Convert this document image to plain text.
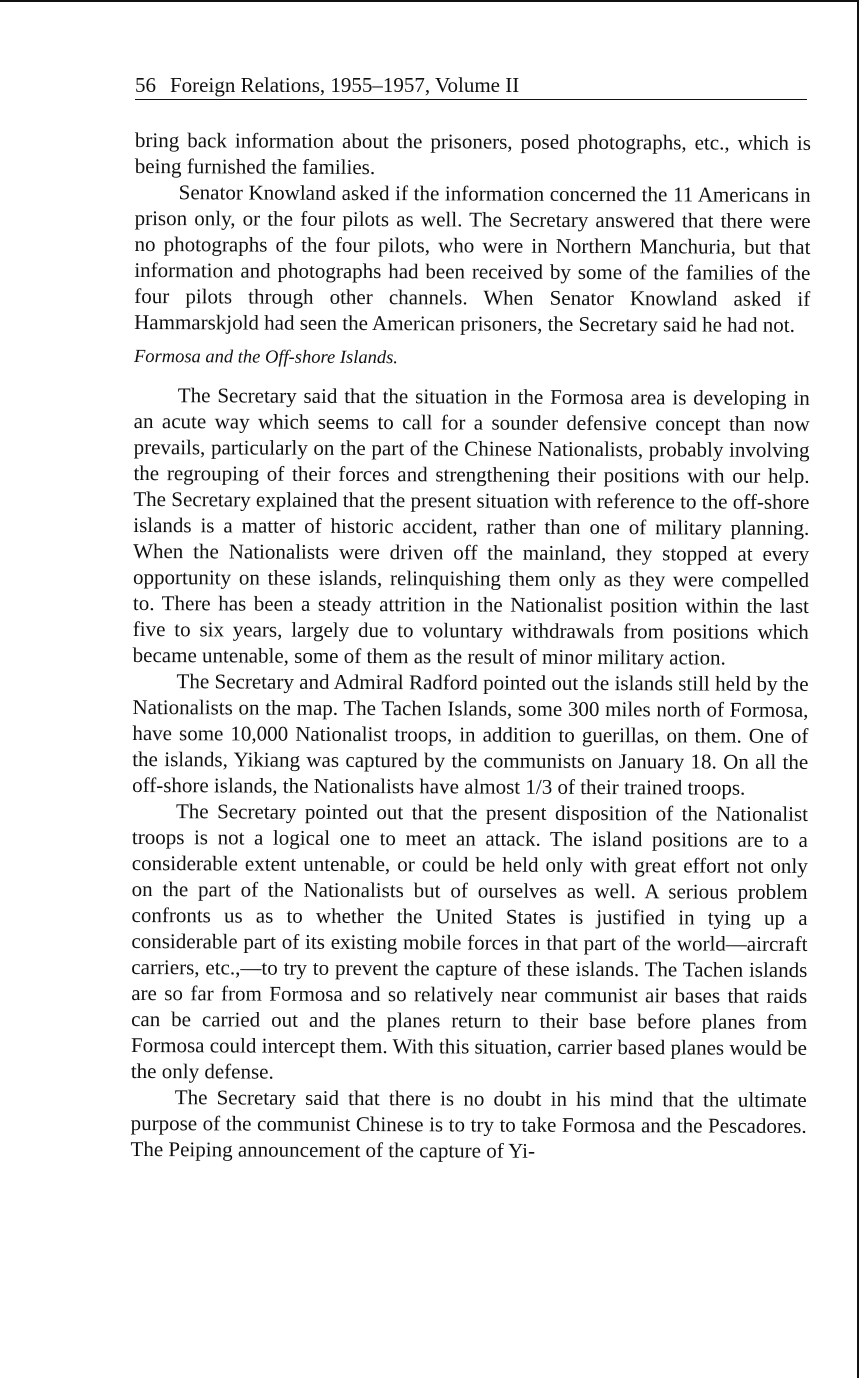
56 Foreign Relations, 1955–1957, Volume II

bring back information about the prisoners, posed photographs, etc., which is being furnished the families.

Senator Knowland asked if the information concerned the 11 Americans in prison only, or the four pilots as well. The Secretary answered that there were no photographs of the four pilots, who were in Northern Manchuria, but that information and photographs had been received by some of the families of the four pilots through other channels. When Senator Knowland asked if Hammarskjold had seen the American prisoners, the Secretary said he had not.

Formosa and the Off-shore Islands.

The Secretary said that the situation in the Formosa area is developing in an acute way which seems to call for a sounder defensive concept than now prevails, particularly on the part of the Chinese Nationalists, probably involving the regrouping of their forces and strengthening their positions with our help. The Secretary explained that the present situation with reference to the off-shore islands is a matter of historic accident, rather than one of military planning. When the Nationalists were driven off the mainland, they stopped at every opportunity on these islands, relinquishing them only as they were compelled to. There has been a steady attrition in the Nationalist position within the last five to six years, largely due to voluntary withdrawals from positions which became untenable, some of them as the result of minor military action.

The Secretary and Admiral Radford pointed out the islands still held by the Nationalists on the map. The Tachen Islands, some 300 miles north of Formosa, have some 10,000 Nationalist troops, in addition to guerillas, on them. One of the islands, Yikiang was captured by the communists on January 18. On all the off-shore islands, the Nationalists have almost 1/3 of their trained troops.

The Secretary pointed out that the present disposition of the Nationalist troops is not a logical one to meet an attack. The island positions are to a considerable extent untenable, or could be held only with great effort not only on the part of the Nationalists but of ourselves as well. A serious problem confronts us as to whether the United States is justified in tying up a considerable part of its existing mobile forces in that part of the world—aircraft carriers, etc.,—to try to prevent the capture of these islands. The Tachen islands are so far from Formosa and so relatively near communist air bases that raids can be carried out and the planes return to their base before planes from Formosa could intercept them. With this situation, carrier based planes would be the only defense.

The Secretary said that there is no doubt in his mind that the ultimate purpose of the communist Chinese is to try to take Formosa and the Pescadores. The Peiping announcement of the capture of Yi-
